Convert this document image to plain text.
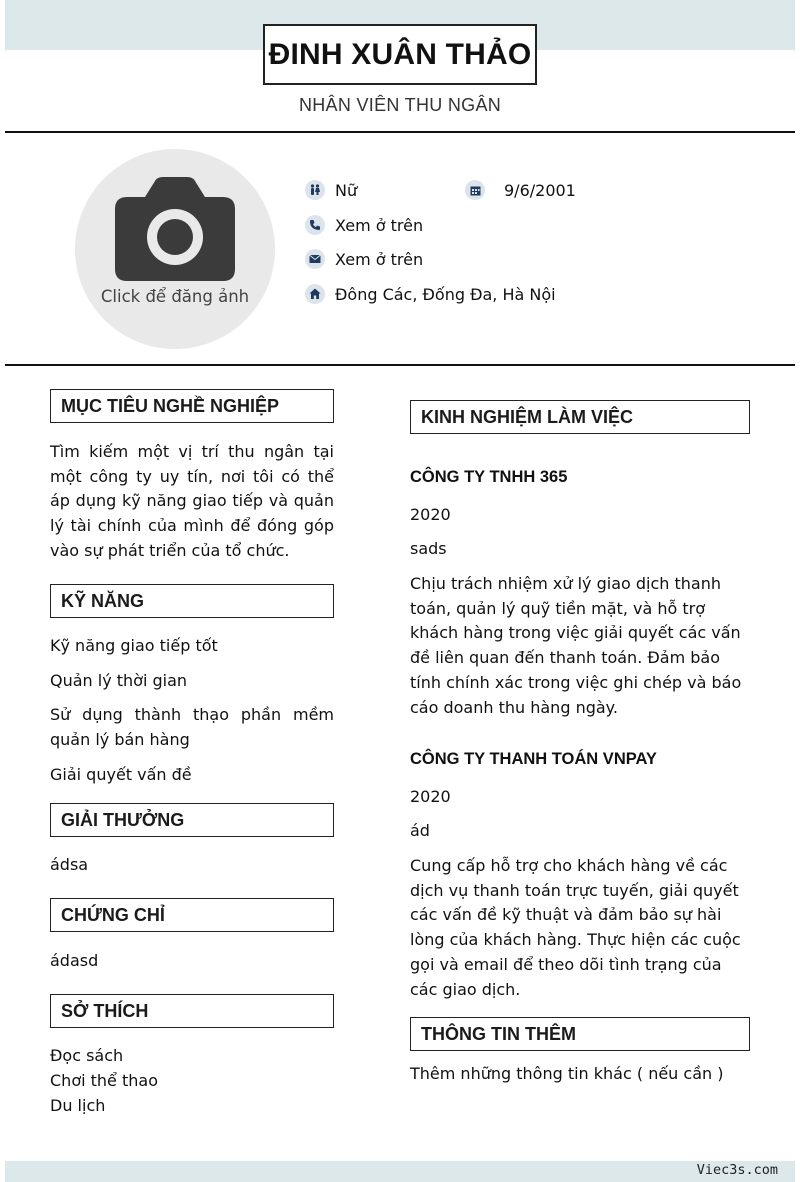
ĐINH XUÂN THẢO
NHÂN VIÊN THU NGÂN
Click để đăng ảnh
Nữ	9/6/2001
Xem ở trên
Xem ở trên
Đông Các, Đống Đa, Hà Nội
MỤC TIÊU NGHỀ NGHIỆP
Tìm kiếm một vị trí thu ngân tại một công ty uy tín, nơi tôi có thể áp dụng kỹ năng giao tiếp và quản lý tài chính của mình để đóng góp vào sự phát triển của tổ chức.
KỸ NĂNG
Kỹ năng giao tiếp tốt
Quản lý thời gian
Sử dụng thành thạo phần mềm quản lý bán hàng
Giải quyết vấn đề
GIẢI THƯỞNG
ádsa
CHỨNG CHỈ
ádasd
SỞ THÍCH
Đọc sách
Chơi thể thao
Du lịch
KINH NGHIỆM LÀM VIỆC
CÔNG TY TNHH 365
2020
sads
Chịu trách nhiệm xử lý giao dịch thanh toán, quản lý quỹ tiền mặt, và hỗ trợ khách hàng trong việc giải quyết các vấn đề liên quan đến thanh toán. Đảm bảo tính chính xác trong việc ghi chép và báo cáo doanh thu hàng ngày.
CÔNG TY THANH TOÁN VNPAY
2020
ád
Cung cấp hỗ trợ cho khách hàng về các dịch vụ thanh toán trực tuyến, giải quyết các vấn đề kỹ thuật và đảm bảo sự hài lòng của khách hàng. Thực hiện các cuộc gọi và email để theo dõi tình trạng của các giao dịch.
THÔNG TIN THÊM
Thêm những thông tin khác ( nếu cần )
Viec3s.com
